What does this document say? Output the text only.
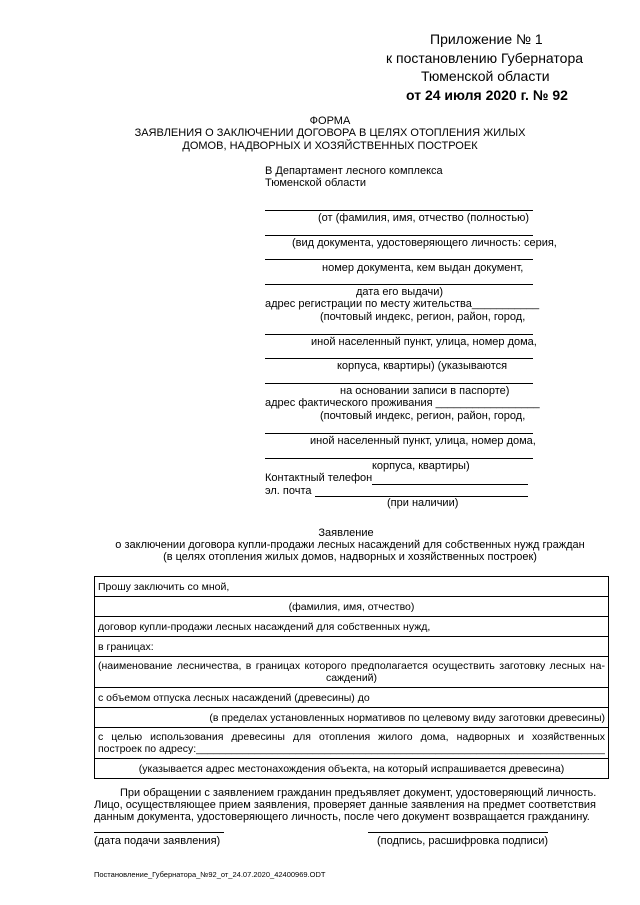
Приложение № 1
к постановлению Губернатора
Тюменской области
от 24 июля 2020 г. № 92
ФОРМА
ЗАЯВЛЕНИЯ О ЗАКЛЮЧЕНИИ ДОГОВОРА В ЦЕЛЯХ ОТОПЛЕНИЯ ЖИЛЫХ
ДОМОВ, НАДВОРНЫХ И ХОЗЯЙСТВЕННЫХ ПОСТРОЕК
В Департамент лесного комплекса
Тюменской области
(от (фамилия, имя, отчество (полностью)
(вид документа, удостоверяющего личность: серия,
номер документа, кем выдан документ,
дата его выдачи)
адрес регистрации по месту жительства___________
(почтовый индекс, регион, район, город,
иной населенный пункт, улица, номер дома,
корпуса, квартиры) (указываются
на основании записи в паспорте)
адрес фактического проживания _________________
(почтовый индекс, регион, район, город,
иной населенный пункт, улица, номер дома,
корпуса, квартиры)
Контактный телефон
эл. почта
(при наличии)
Заявление
о заключении договора купли-продажи лесных насаждений для собственных нужд граждан
(в целях отопления жилых домов, надворных и хозяйственных построек)
Прошу заключить со мной,
(фамилия, имя, отчество)
договор купли-продажи лесных насаждений для собственных нужд,
в границах:

(наименование лесничества, в границах которого предполагается осуществить заготовку лесных на-
саждений)

с объемом отпуска лесных насаждений (древесины) до
(в пределах установленных нормативов по целевому виду заготовки древесины)

с целью использования древесины для отопления жилого дома, надворных и хозяйственных
построек по адресу:______________________________________________________________________

(указывается адрес местонахождения объекта, на который испрашивается древесина)
При обращении с заявлением гражданин предъявляет документ, удостоверяющий личность.
Лицо, осуществляющее прием заявления, проверяет данные заявления на предмет соответствия
данным документа, удостоверяющего личность, после чего документ возвращается гражданину.
(дата подачи заявления)	(подпись, расшифровка подписи)
Постановление_Губернатора_№92_от_24.07.2020_42400969.ODT
